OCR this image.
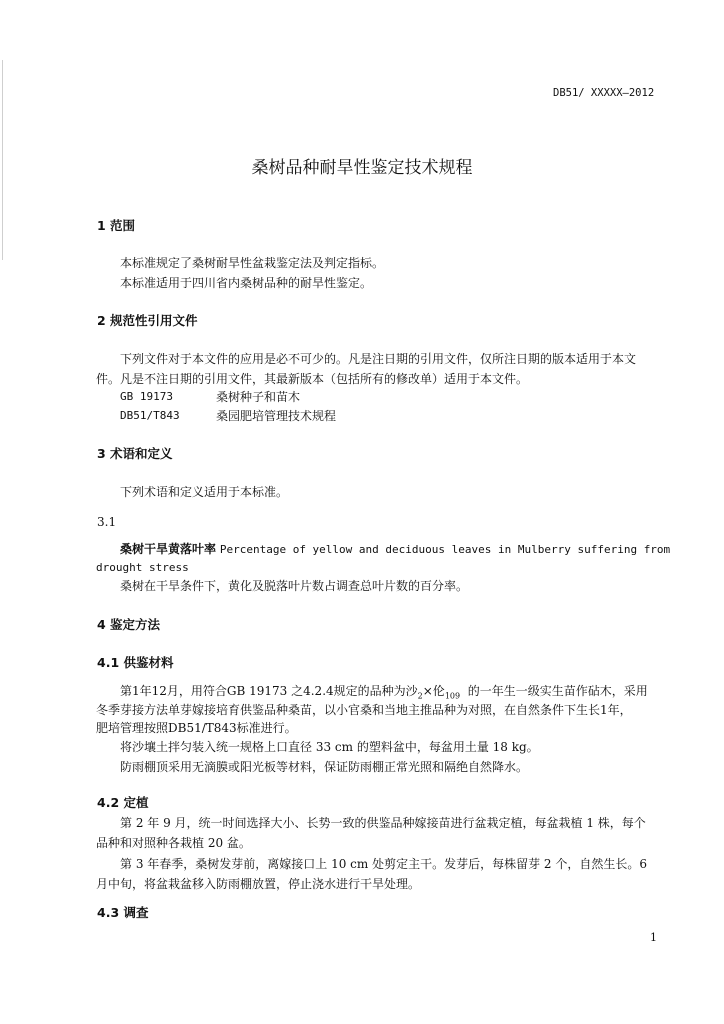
DB51/ XXXXX—2012
桑树品种耐旱性鉴定技术规程
1 范围
本标准规定了桑树耐旱性盆栽鉴定法及判定指标。
本标准适用于四川省内桑树品种的耐旱性鉴定。
2 规范性引用文件
下列文件对于本文件的应用是必不可少的。凡是注日期的引用文件，仅所注日期的版本适用于本文
件。凡是不注日期的引用文件，其最新版本（包括所有的修改单）适用于本文件。
GB 19173	桑树种子和苗木
DB51/T843	桑园肥培管理技术规程
3 术语和定义
下列术语和定义适用于本标准。
3.1
桑树干旱黄落叶率 Percentage of yellow and deciduous leaves in Mulberry suffering from
drought stress
桑树在干旱条件下，黄化及脱落叶片数占调查总叶片数的百分率。
4 鉴定方法
4.1 供鉴材料
第1年12月，用符合GB 19173 之4.2.4规定的品种为沙$_2$×伦$_{109}$  的一年生一级实生苗作砧木，采用
冬季芽接方法单芽嫁接培育供鉴品种桑苗，以小官桑和当地主推品种为对照，在自然条件下生长1年，
肥培管理按照DB51/T843标准进行。
将沙壤土拌匀装入统一规格上口直径 33 cm 的塑料盆中，每盆用土量 18 kg。
防雨棚顶采用无滴膜或阳光板等材料，保证防雨棚正常光照和隔绝自然降水。
4.2 定植
第 2 年 9 月，统一时间选择大小、长势一致的供鉴品种嫁接苗进行盆栽定植，每盆栽植 1 株，每个
品种和对照种各栽植 20 盆。
第 3 年春季，桑树发芽前，离嫁接口上 10 cm 处剪定主干。发芽后，每株留芽 2 个，自然生长。6
月中旬，将盆栽盆移入防雨棚放置，停止浇水进行干旱处理。
4.3 调查
1
